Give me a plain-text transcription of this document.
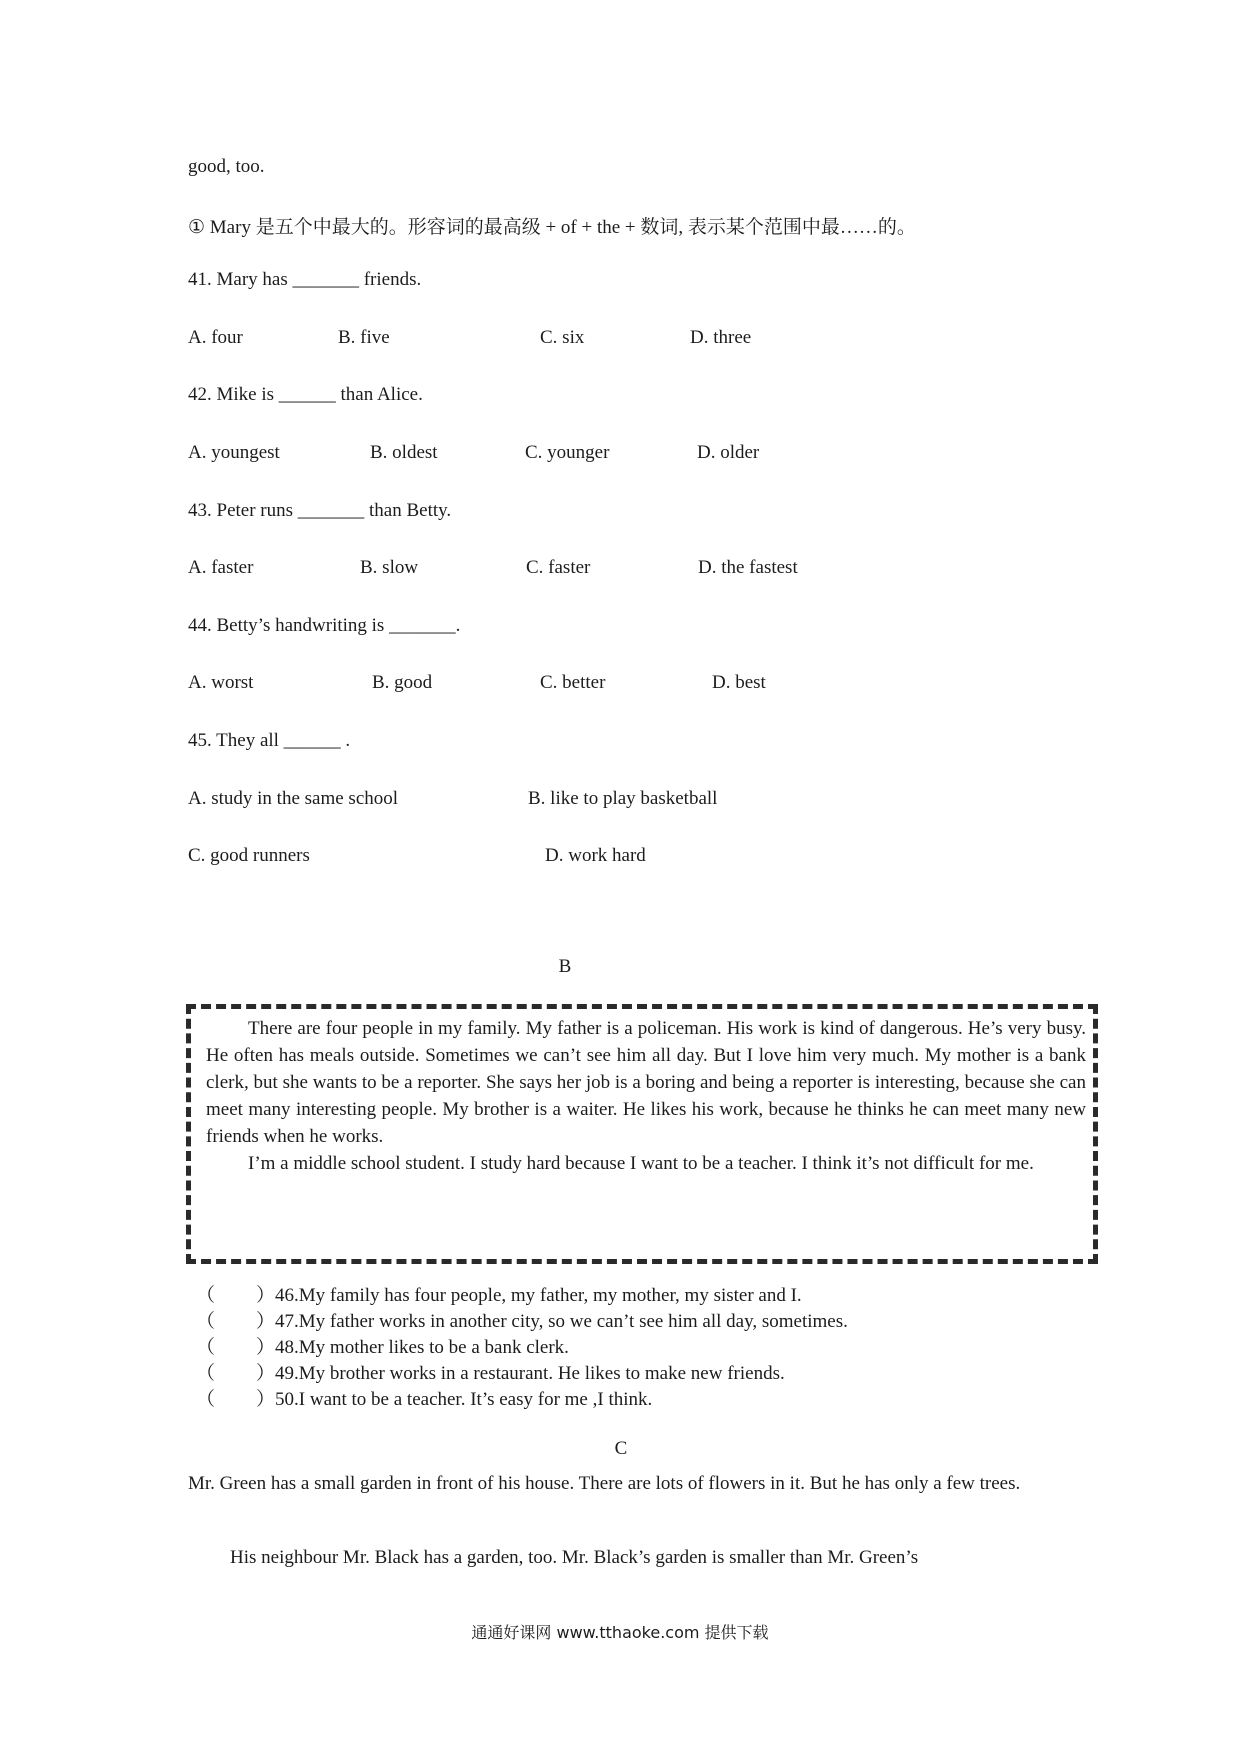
good, too.
① Mary 是五个中最大的。形容词的最高级 + of + the + 数词, 表示某个范围中最……的。
41. Mary has _______ friends.
A. four	B. five	C. six	D. three
42. Mike is ______ than Alice.
A. youngest	B. oldest	C. younger	D. older
43. Peter runs _______ than Betty.
A. faster	B. slow	C. faster	D. the fastest
44. Betty’s handwriting is _______.
A. worst	B. good	C. better	D. best
45. They all ______ .
A. study in the same school	B. like to play basketball
C. good runners	D. work hard
B

There are four people in my family. My father is a policeman. His work is kind of dangerous. He’s very busy. He often has meals outside. Sometimes we can’t see him all day. But I love him very much. My mother is a bank clerk, but she wants to be a reporter. She says her job is a boring and being a reporter is interesting, because she can meet many interesting people. My brother is a waiter. He likes his work, because he thinks he can meet many new friends when he works.

I’m a middle school student. I study hard because I want to be a teacher. I think it’s not difficult for me.

（ ）46.My family has four people, my father, my mother, my sister and I.
（ ）47.My father works in another city, so we can’t see him all day, sometimes.
（ ）48.My mother likes to be a bank clerk.
（ ）49.My brother works in a restaurant. He likes to make new friends.
（ ）50.I want to be a teacher. It’s easy for me ,I think.
C
Mr. Green has a small garden in front of his house. There are lots of flowers in it. But he has only a few trees.
His neighbour Mr. Black has a garden, too. Mr. Black’s garden is smaller than Mr. Green’s
通通好课网 www.tthaoke.com 提供下载
